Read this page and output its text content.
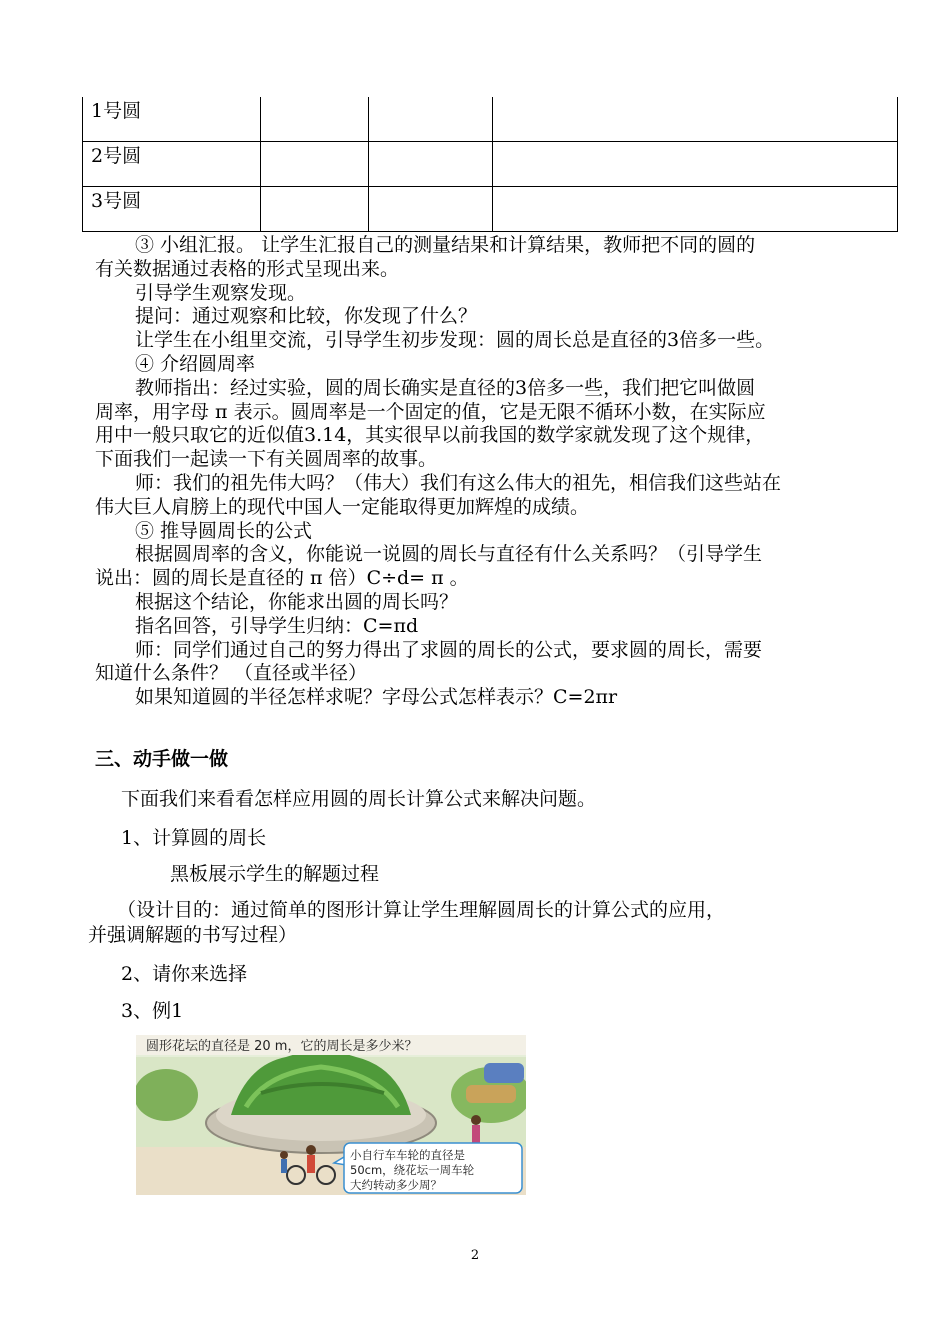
1号圆			
2号圆			
3号圆			

③ 小组汇报。 让学生汇报自己的测量结果和计算结果，教师把不同的圆的

有关数据通过表格的形式呈现出来。

引导学生观察发现。

提问：通过观察和比较，你发现了什么？

让学生在小组里交流，引导学生初步发现：圆的周长总是直径的3倍多一些。

④ 介绍圆周率

教师指出：经过实验，圆的周长确实是直径的3倍多一些，我们把它叫做圆

周率，用字母 π 表示。圆周率是一个固定的值，它是无限不循环小数，在实际应

用中一般只取它的近似值3.14，其实很早以前我国的数学家就发现了这个规律，

下面我们一起读一下有关圆周率的故事。

师：我们的祖先伟大吗？（伟大）我们有这么伟大的祖先，相信我们这些站在

伟大巨人肩膀上的现代中国人一定能取得更加辉煌的成绩。

⑤ 推导圆周长的公式

根据圆周率的含义，你能说一说圆的周长与直径有什么关系吗？（引导学生

说出：圆的周长是直径的 π 倍）C÷d= π 。

根据这个结论，你能求出圆的周长吗？

指名回答，引导学生归纳：C=πd

师：同学们通过自己的努力得出了求圆的周长的公式，要求圆的周长，需要

知道什么条件？ （直径或半径）

如果知道圆的半径怎样求呢？字母公式怎样表示？C=2πr

三、动手做一做

下面我们来看看怎样应用圆的周长计算公式来解决问题。

1、计算圆的周长

黑板展示学生的解题过程

（设计目的：通过简单的图形计算让学生理解圆周长的计算公式的应用，

并强调解题的书写过程）

2、请你来选择

3、例1

圆形花坛的直径是 20 m，它的周长是多少米？
小自行车车轮的直径是
50cm，绕花坛一周车轮
大约转动多少周？
2
